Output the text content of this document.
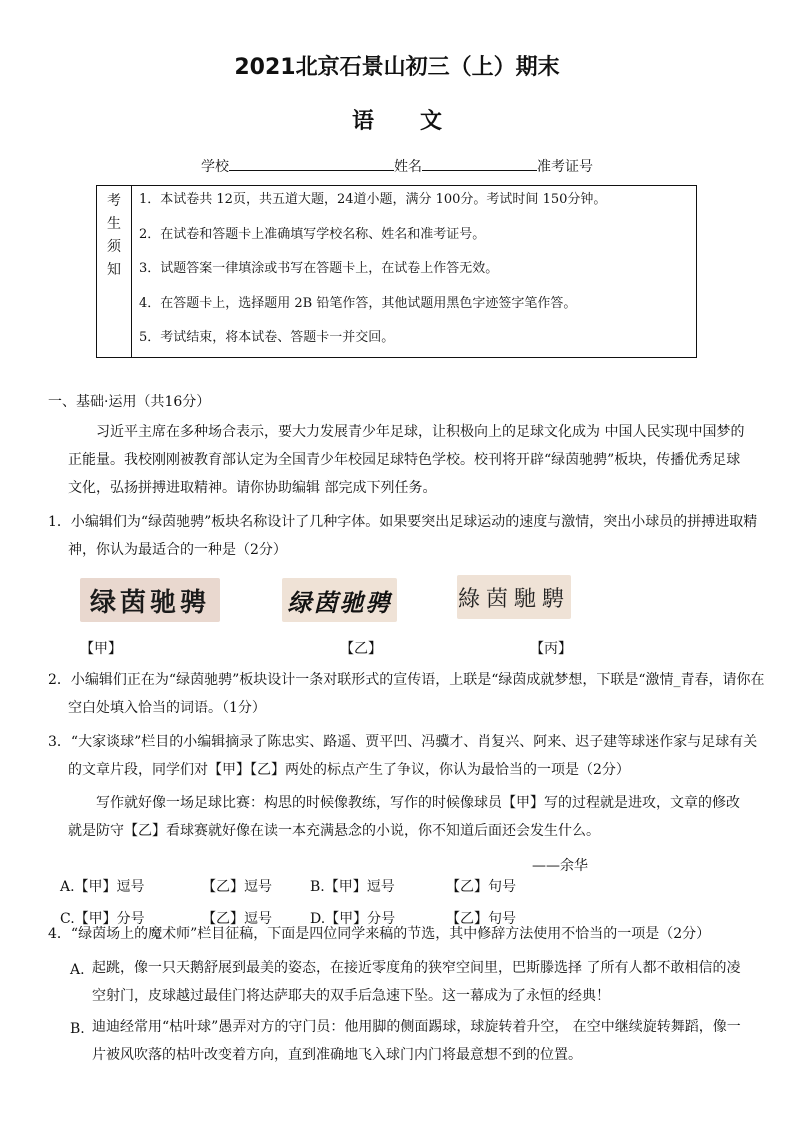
2021北京石景山初三（上）期末
语文
学校	姓名	准考证号
考
生
须
知
1．本试卷共 12页，共五道大题，24道小题，满分 100分。考试时间 150分钟。
2．在试卷和答题卡上准确填写学校名称、姓名和准考证号。
3．试题答案一律填涂或书写在答题卡上，在试卷上作答无效。
4．在答题卡上，选择题用 2B 铅笔作答，其他试题用黑色字迹签字笔作答。
5．考试结束，将本试卷、答题卡一并交回。
一、基础·运用（共16分）
习近平主席在多种场合表示，要大力发展青少年足球，让积极向上的足球文化成为 中国人民实现中国梦的正能量。我校刚刚被教育部认定为全国青少年校园足球特色学校。校刊将开辟“绿茵驰骋”板块，传播优秀足球文化，弘扬拼搏进取精神。请你协助编辑 部完成下列任务。
1．小编辑们为“绿茵驰骋”板块名称设计了几种字体。如果要突出足球运动的速度与激情，突出小球员的拼搏进取精神，你认为最适合的一种是（2分）
绿茵驰骋	绿茵驰骋	綠茵馳騁
【甲】	【乙】	【丙】
2．小编辑们正在为“绿茵驰骋”板块设计一条对联形式的宣传语，上联是“绿茵成就梦想，下联是“激情_青春，请你在空白处填入恰当的词语。（1分）
3．“大家谈球”栏目的小编辑摘录了陈忠实、路遥、贾平凹、冯骥才、肖复兴、阿来、迟子建等球迷作家与足球有关的文章片段，同学们对【甲】【乙】两处的标点产生了争议，你认为最恰当的一项是（2分）
写作就好像一场足球比赛：构思的时候像教练，写作的时候像球员【甲】写的过程就是进攻，文章的修改就是防守【乙】看球赛就好像在读一本充满悬念的小说，你不知道后面还会发生什么。
——余华
A.【甲】逗号	【乙】逗号	B.【甲】逗号	【乙】句号
C.【甲】分号	【乙】逗号	D.【甲】分号	【乙】句号
4．“绿茵场上的魔术师”栏目征稿，下面是四位同学来稿的节选，其中修辞方法使用不恰当的一项是（2分）
A. 起跳，像一只天鹅舒展到最美的姿态，在接近零度角的狭窄空间里，巴斯滕选择 了所有人都不敢相信的凌空射门，皮球越过最佳门将达萨耶夫的双手后急速下坠。这一幕成为了永恒的经典！
B. 迪迪经常用“枯叶球”愚弄对方的守门员：他用脚的侧面踢球，球旋转着升空， 在空中继续旋转舞蹈，像一片被风吹落的枯叶改变着方向，直到准确地飞入球门内门将最意想不到的位置。
